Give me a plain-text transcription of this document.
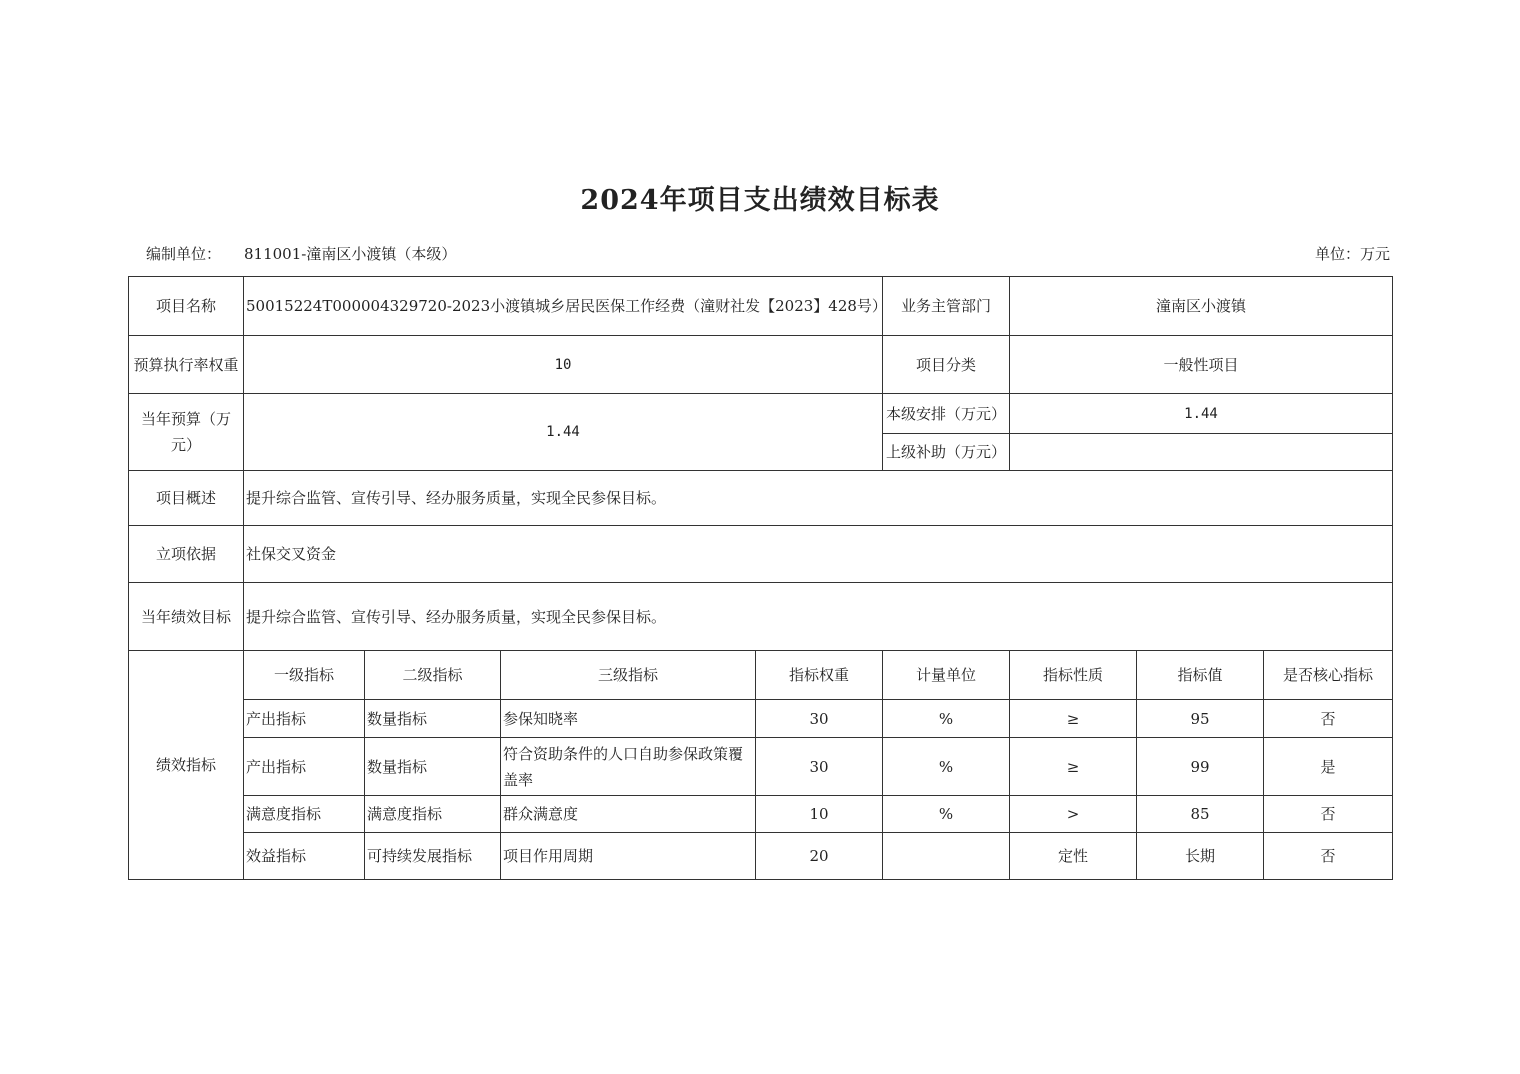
2024年项目支出绩效目标表
编制单位： 811001-潼南区小渡镇（本级）	单位：万元
项目名称	50015224T000004329720-2023小渡镇城乡居民医保工作经费（潼财社发【2023】428号）				业务主管部门	潼南区小渡镇		
预算执行率权重	10				项目分类	一般性项目		
当年预算（万元）	1.44				本级安排（万元）	1.44		
					上级补助（万元）			
项目概述	提升综合监管、宣传引导、经办服务质量，实现全民参保目标。							
立项依据	社保交叉资金							
当年绩效目标	提升综合监管、宣传引导、经办服务质量，实现全民参保目标。							
绩效指标	一级指标	二级指标	三级指标	指标权重	计量单位	指标性质	指标值	是否核心指标
	产出指标	数量指标	参保知晓率	30	%	≥	95	否
	产出指标	数量指标	符合资助条件的人口自助参保政策覆盖率	30	%	≥	99	是
	满意度指标	满意度指标	群众满意度	10	%	>	85	否
	效益指标	可持续发展指标	项目作用周期	20		定性	长期	否
